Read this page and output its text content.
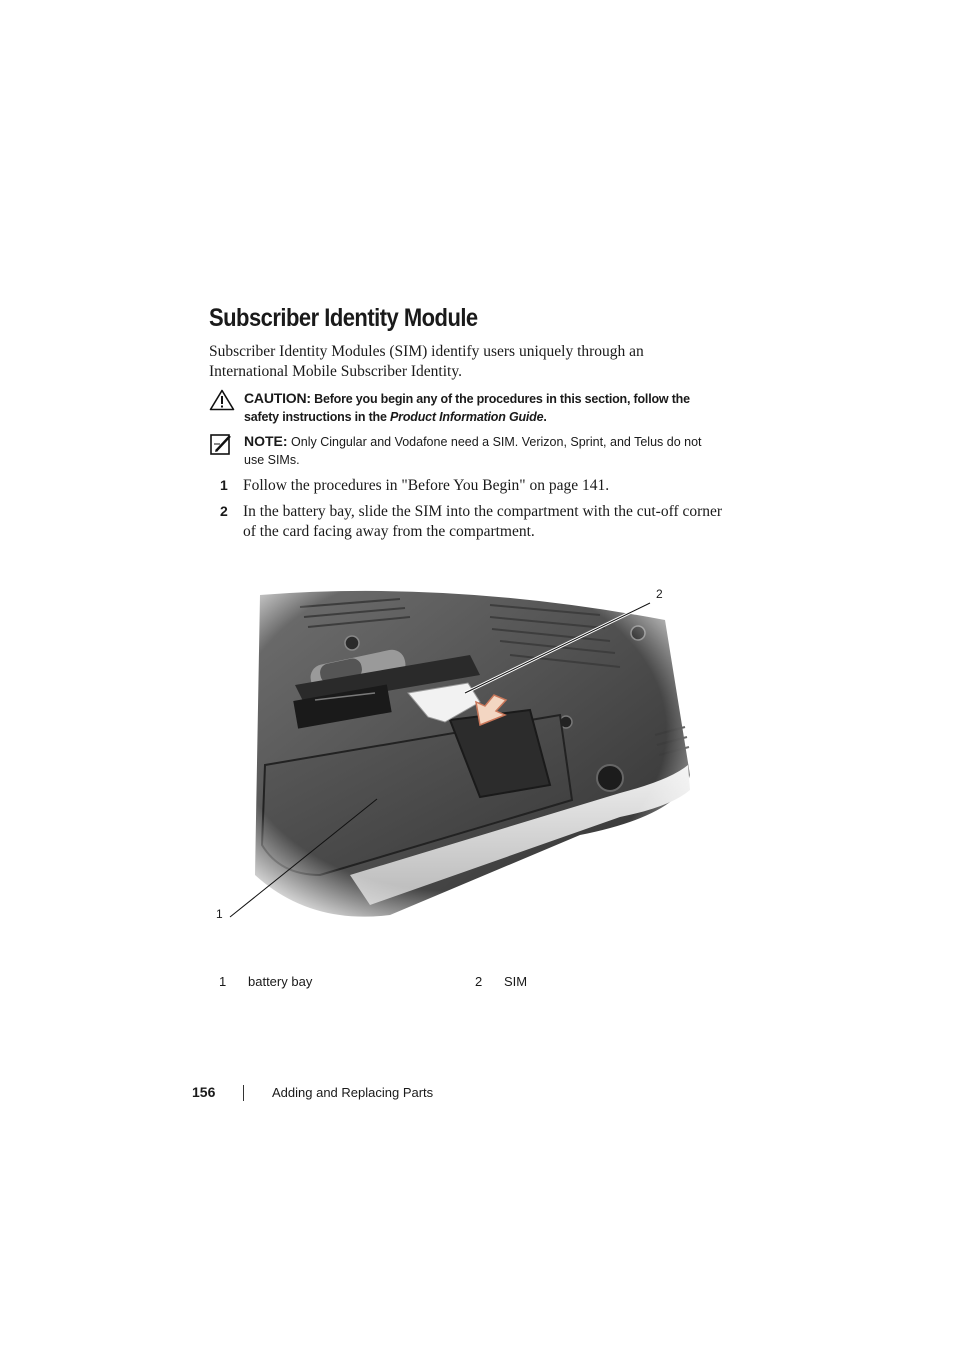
Subscriber Identity Module

Subscriber Identity Modules (SIM) identify users uniquely through an International Mobile Subscriber Identity.

CAUTION: Before you begin any of the procedures in this section, follow the safety instructions in the Product Information Guide.
NOTE: Only Cingular and Vodafone need a SIM. Verizon, Sprint, and Telus do not use SIMs.
1 Follow the procedures in "Before You Begin" on page 141.
2 In the battery bay, slide the SIM into the compartment with the cut-off corner of the card facing away from the compartment.
1
2
1 battery bay	2 SIM
156	Adding and Replacing Parts
